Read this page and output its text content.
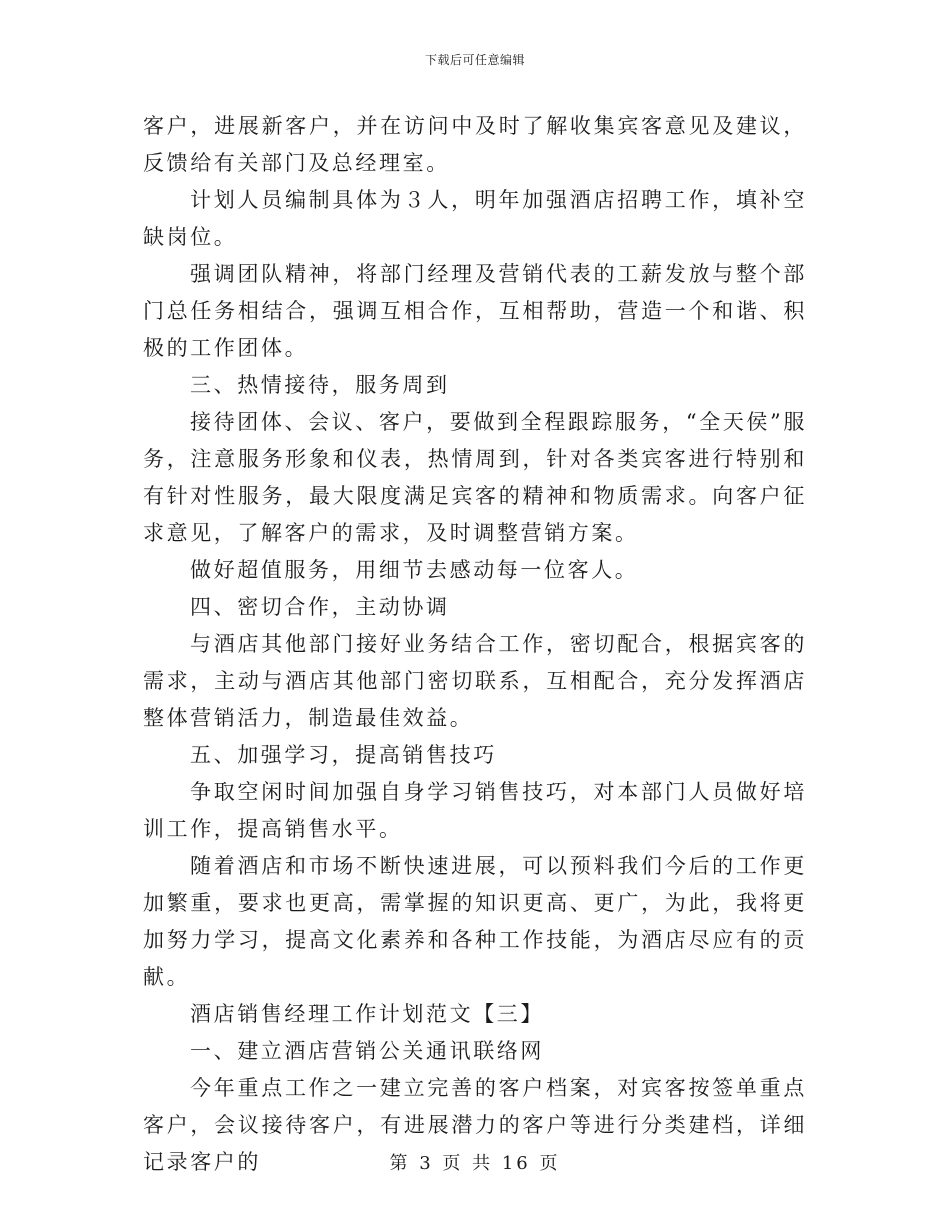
下载后可任意编辑

客户，进展新客户，并在访问中及时了解收集宾客意见及建议，反馈给有关部门及总经理室。

计划人员编制具体为３人，明年加强酒店招聘工作，填补空缺岗位。

强调团队精神，将部门经理及营销代表的工薪发放与整个部门总任务相结合，强调互相合作，互相帮助，营造一个和谐、积极的工作团体。

三、热情接待，服务周到

接待团体、会议、客户，要做到全程跟踪服务，“全天侯”服务，注意服务形象和仪表，热情周到，针对各类宾客进行特别和有针对性服务，最大限度满足宾客的精神和物质需求。向客户征求意见，了解客户的需求，及时调整营销方案。

做好超值服务，用细节去感动每一位客人。

四、密切合作，主动协调

与酒店其他部门接好业务结合工作，密切配合，根据宾客的需求，主动与酒店其他部门密切联系，互相配合，充分发挥酒店整体营销活力，制造最佳效益。

五、加强学习，提高销售技巧

争取空闲时间加强自身学习销售技巧，对本部门人员做好培训工作，提高销售水平。

随着酒店和市场不断快速进展，可以预料我们今后的工作更加繁重，要求也更高，需掌握的知识更高、更广，为此，我将更加努力学习，提高文化素养和各种工作技能，为酒店尽应有的贡献。

酒店销售经理工作计划范文【三】

一、建立酒店营销公关通讯联络网

今年重点工作之一建立完善的客户档案，对宾客按签单重点客户，会议接待客户，有进展潜力的客户等进行分类建档，详细记录客户的	第 3 页 共 16 页
